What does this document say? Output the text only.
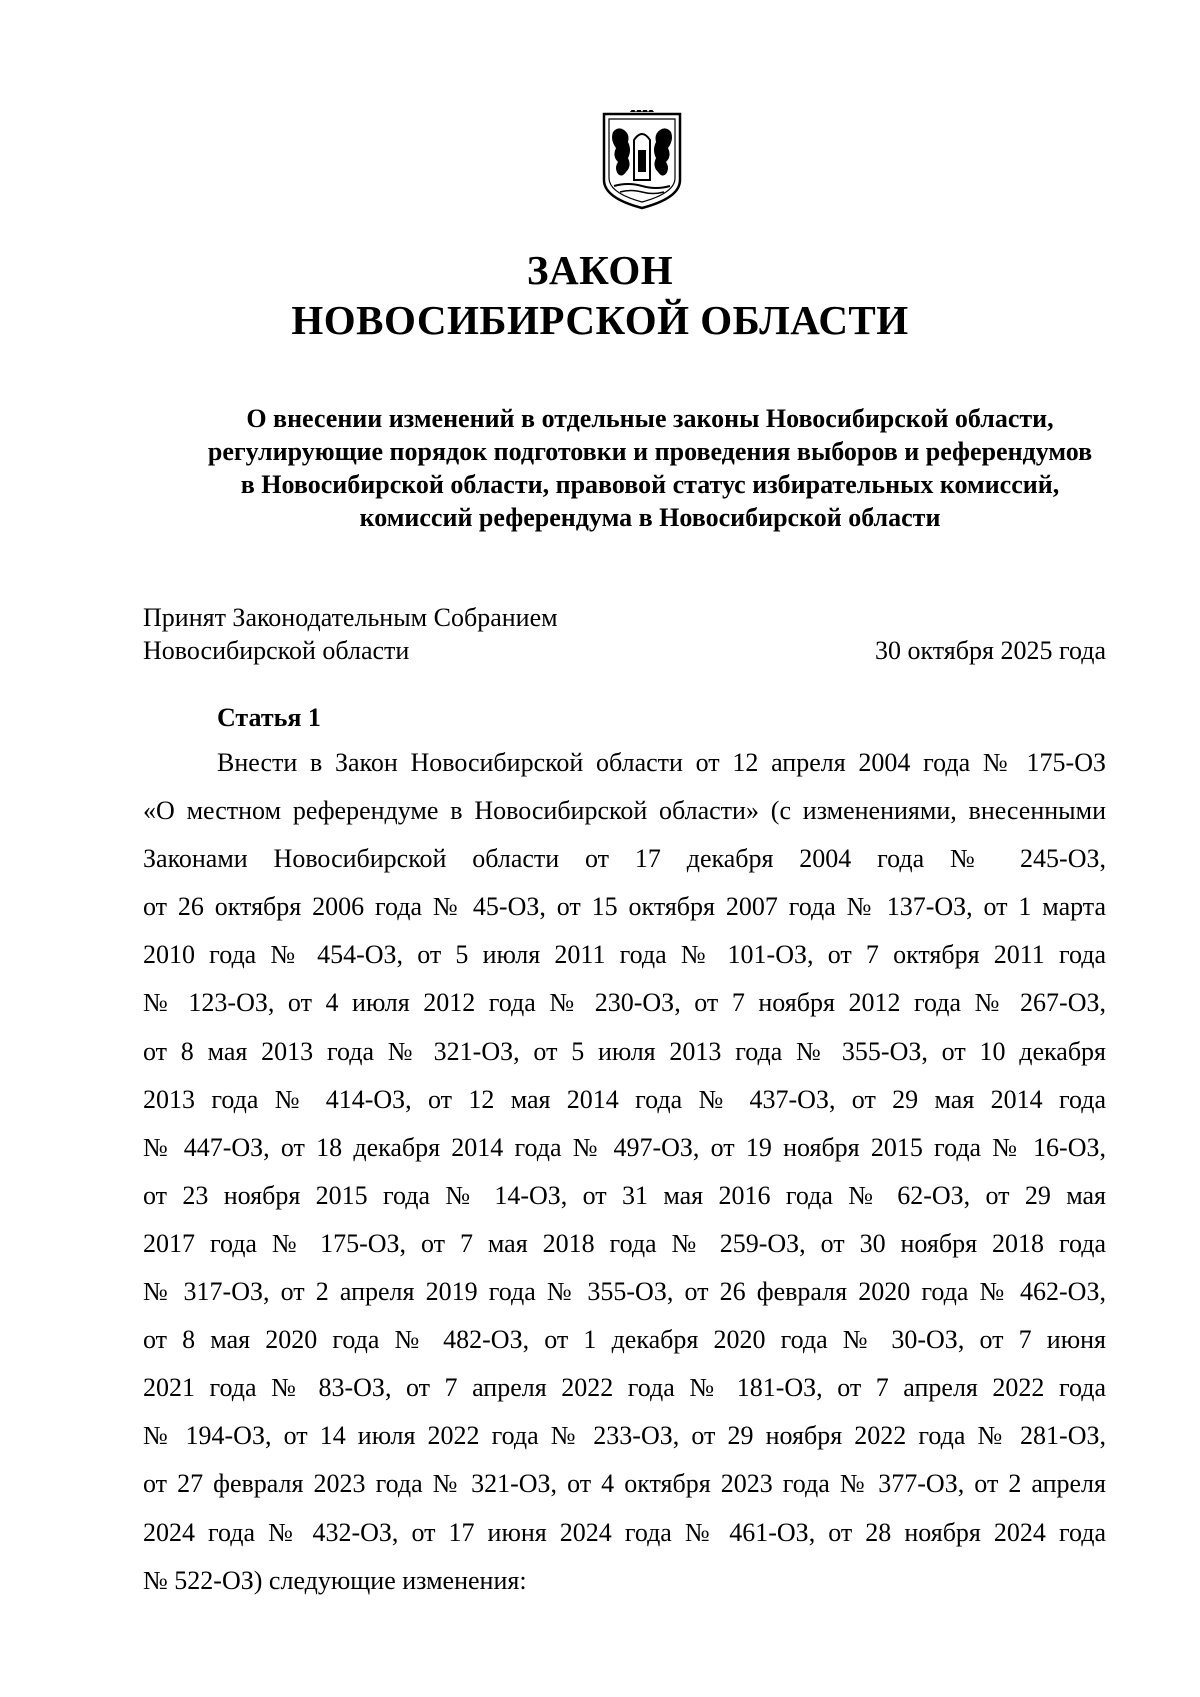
ЗАКОН
НОВОСИБИРСКОЙ ОБЛАСТИ
О внесении изменений в отдельные законы Новосибирской области,
регулирующие порядок подготовки и проведения выборов и референдумов
в Новосибирской области, правовой статус избирательных комиссий,
комиссий референдума в Новосибирской области
Принят Законодательным Собранием
Новосибирской области	30 октября 2025 года
Статья 1
Внести в Закон Новосибирской области от 12 апреля 2004 года № 175-ОЗ
«О местном референдуме в Новосибирской области» (с изменениями, внесенными
Законами Новосибирской области от 17 декабря 2004 года № 245-ОЗ,
от 26 октября 2006 года № 45-ОЗ, от 15 октября 2007 года № 137-ОЗ, от 1 марта
2010 года № 454-ОЗ, от 5 июля 2011 года № 101-ОЗ, от 7 октября 2011 года
№ 123-ОЗ, от 4 июля 2012 года № 230-ОЗ, от 7 ноября 2012 года № 267-ОЗ,
от 8 мая 2013 года № 321-ОЗ, от 5 июля 2013 года № 355-ОЗ, от 10 декабря
2013 года № 414-ОЗ, от 12 мая 2014 года № 437-ОЗ, от 29 мая 2014 года
№ 447-ОЗ, от 18 декабря 2014 года № 497-ОЗ, от 19 ноября 2015 года № 16-ОЗ,
от 23 ноября 2015 года № 14-ОЗ, от 31 мая 2016 года № 62-ОЗ, от 29 мая
2017 года № 175-ОЗ, от 7 мая 2018 года № 259-ОЗ, от 30 ноября 2018 года
№ 317-ОЗ, от 2 апреля 2019 года № 355-ОЗ, от 26 февраля 2020 года № 462-ОЗ,
от 8 мая 2020 года № 482-ОЗ, от 1 декабря 2020 года № 30-ОЗ, от 7 июня
2021 года № 83-ОЗ, от 7 апреля 2022 года № 181-ОЗ, от 7 апреля 2022 года
№ 194-ОЗ, от 14 июля 2022 года № 233-ОЗ, от 29 ноября 2022 года № 281-ОЗ,
от 27 февраля 2023 года № 321-ОЗ, от 4 октября 2023 года № 377-ОЗ, от 2 апреля
2024 года № 432-ОЗ, от 17 июня 2024 года № 461-ОЗ, от 28 ноября 2024 года
№ 522-ОЗ) следующие изменения:
